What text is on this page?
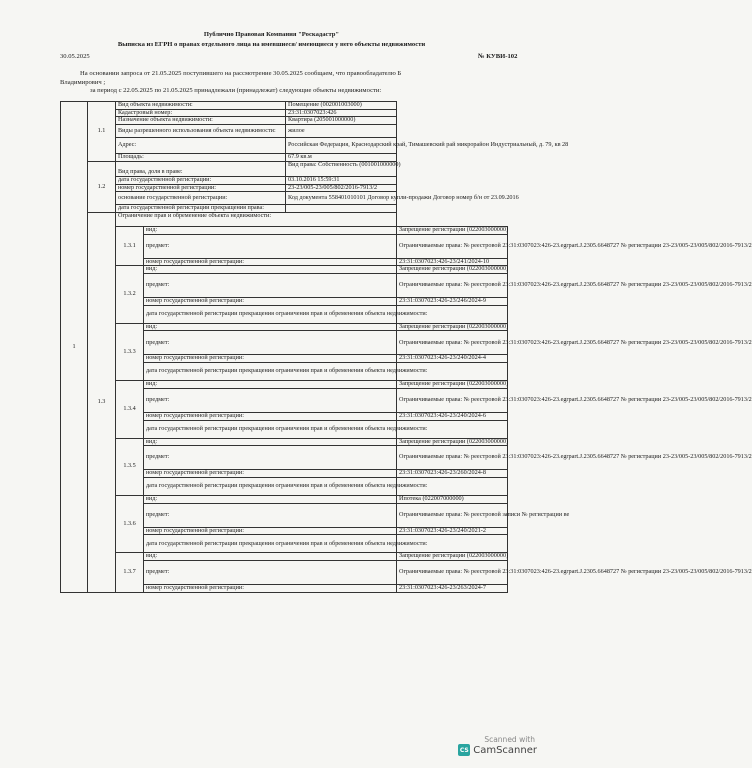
Публично Правовая Компания "Роскадастр"
Выписка из ЕГРН о правах отдельного лица на имевшиеся/ имеющиеся у него объекты недвижимости
30.05.2025	№ КУВИ-102
На основании запроса от 21.05.2025 поступившего на рассмотрение 30.05.2025 сообщаем, что правообладателю Б
Владимирович ;
за период с 22.05.2025 по 21.05.2025 принадлежали (принадлежат) следующие объекты недвижимости:
1	1.1	Вид объекта недвижимости:		Помещение (002001003000)	
		Кадастровый номер:		23:31:0307023:426	
		Назначение объекта недвижимости:		Квартира (205001000000)	
		Виды разрешенного использования объекта недвижимости:		жилое	
		Адрес:		Российская Федерация, Краснодарский край, Тимашевский рай микрорайон Индустриальный, д. 79, кв 28	
		Площадь:		67.9 кв.м	
	1.2	Вид права, доля в праве:		Вид права: Собственность (001001000000)	
		дата государственной регистрации:		03.10.2016 15:59:31	
		номер государственной регистрации:		23-23/005-23/005/802/2016-7913/2	
		основание государственной регистрации:		Код документа 558401010101 Договор купли-продажи Договор номер б/н от 23.09.2016	
		дата государственной регистрации прекращения права:			
	1.3	Ограничение прав и обременение объекта недвижимости:			
		1.3.1	вид:		Запрещение регистрации (022003000000)
			предмет:		Ограничиваемые права: № реестровой 23:31:0307023:426-23.egrpart.J.2305.6648727 № регистрации 23-23/005-23/005/802/2016-7913/2
			номер государственной регистрации:		23:31:0307023:426-23/241/2024-10
		1.3.2	вид:		Запрещение регистрации (022003000000)
			предмет:		Ограничиваемые права: № реестровой 23:31:0307023:426-23.egrpart.J.2305.6648727 № регистрации 23-23/005-23/005/802/2016-7913/2
			номер государственной регистрации:		23:31:0307023:426-23/246/2024-9
			дата государственной регистрации прекращения ограничения прав и обременения объекта недвижимости:		
		1.3.3	вид:		Запрещение регистрации (022003000000)
			предмет:		Ограничиваемые права: № реестровой 23:31:0307023:426-23.egrpart.J.2305.6648727 № регистрации 23-23/005-23/005/802/2016-7913/2
			номер государственной регистрации:		23:31:0307023:426-23/240/2024-4
			дата государственной регистрации прекращения ограничения прав и обременения объекта недвижимости:		
		1.3.4	вид:		Запрещение регистрации (022003000000)
			предмет:		Ограничиваемые права: № реестровой 23:31:0307023:426-23.egrpart.J.2305.6648727 № регистрации 23-23/005-23/005/802/2016-7913/2
			номер государственной регистрации:		23:31:0307023:426-23/240/2024-6
			дата государственной регистрации прекращения ограничения прав и обременения объекта недвижимости:		
		1.3.5	вид:		Запрещение регистрации (022003000000)
			предмет:		Ограничиваемые права: № реестровой 23:31:0307023:426-23.egrpart.J.2305.6648727 № регистрации 23-23/005-23/005/802/2016-7913/2
			номер государственной регистрации:		23:31:0307023:426-23/260/2024-8
			дата государственной регистрации прекращения ограничения прав и обременения объекта недвижимости:		
		1.3.6	вид:		Ипотека (022007000000)
			предмет:		Ограничиваемые права: № реестровой записи № регистрации ве
			номер государственной регистрации:		23:31:0307023:426-23/240/2021-2
			дата государственной регистрации прекращения ограничения прав и обременения объекта недвижимости:		
		1.3.7	вид:		Запрещение регистрации (022003000000)
			предмет:		Ограничиваемые права: № реестровой 23:31:0307023:426-23.egrpart.J.2305.6648727 № регистрации 23-23/005-23/005/802/2016-7913/2
			номер государственной регистрации:		23:31:0307023:426-23/263/2024-7
Scanned with
CS CamScanner
